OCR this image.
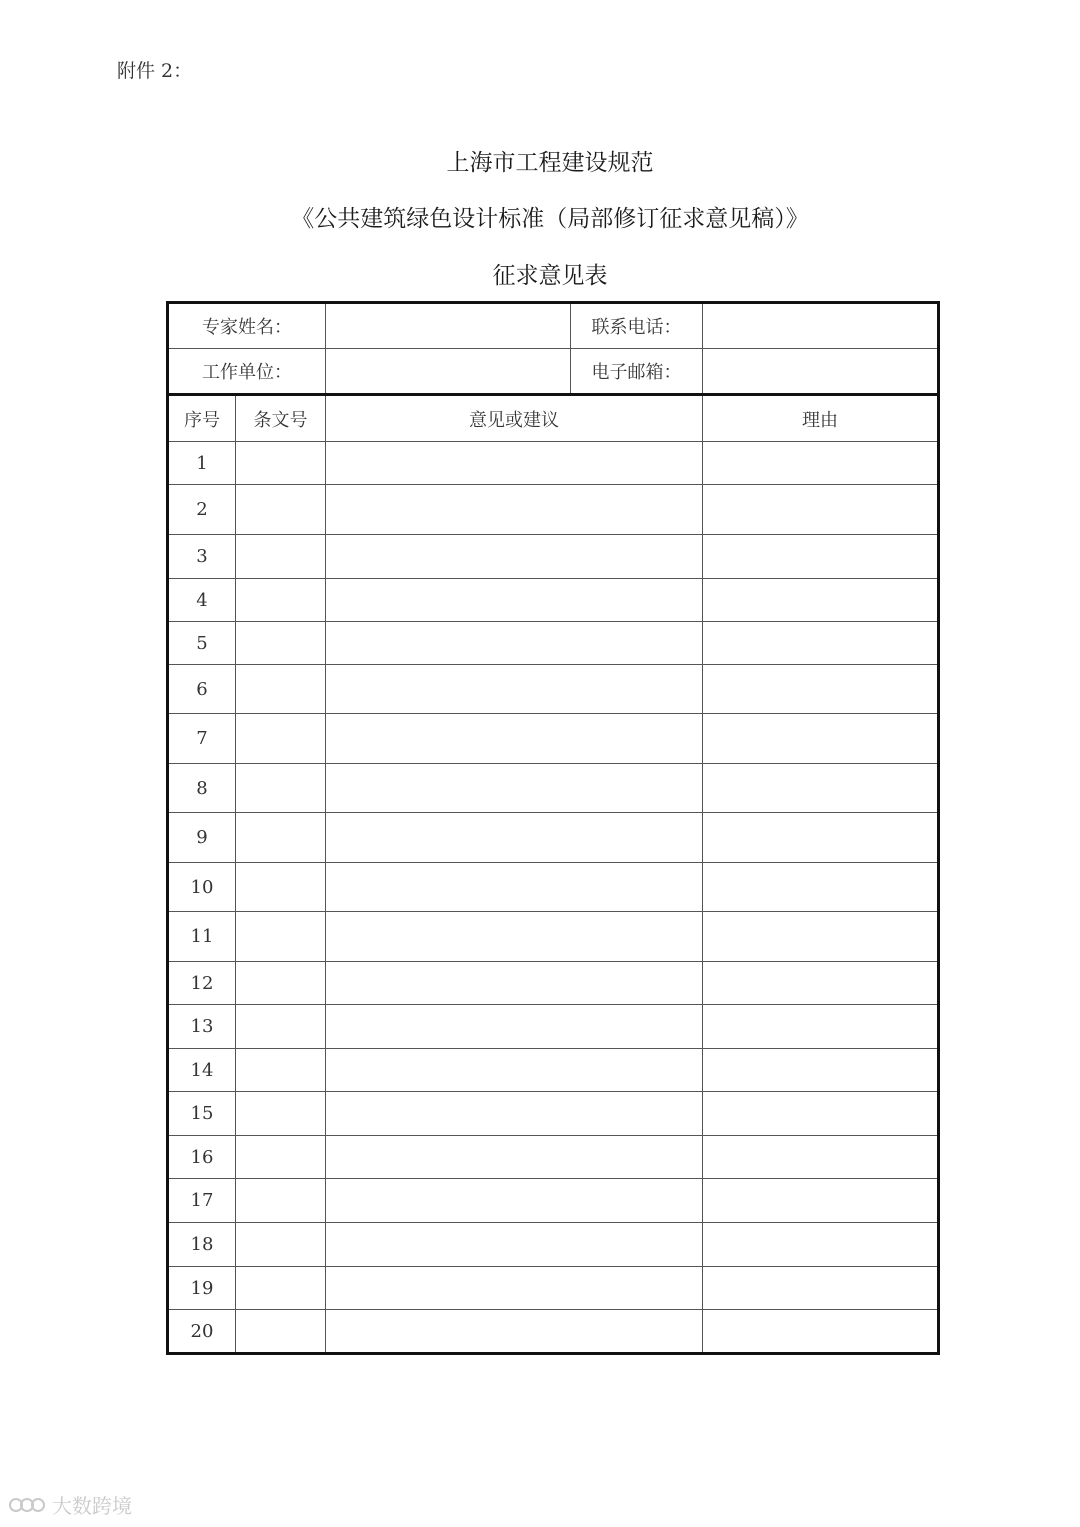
附件 2：
上海市工程建设规范
《公共建筑绿色设计标准（局部修订征求意见稿）》
征求意见表
专家姓名：			联系电话：	
工作单位：			电子邮箱：	
序号	条文号	意见或建议		理由
1				
2				
3				
4				
5				
6				
7				
8				
9				
10				
11				
12				
13				
14				
15				
16				
17				
18				
19				
20				
大数跨境
